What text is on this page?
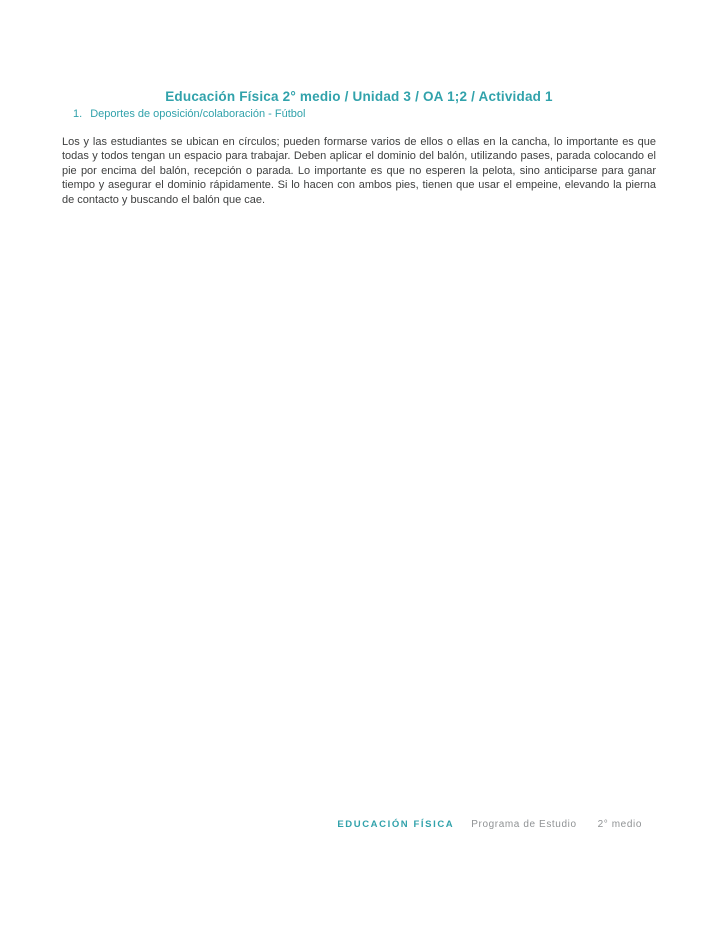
Educación Física 2° medio / Unidad 3 / OA 1;2 / Actividad 1
1. Deportes de oposición/colaboración - Fútbol

Los y las estudiantes se ubican en círculos; pueden formarse varios de ellos o ellas en la cancha, lo importante es que todas y todos tengan un espacio para trabajar. Deben aplicar el dominio del balón, utilizando pases, parada colocando el pie por encima del balón, recepción o parada. Lo importante es que no esperen la pelota, sino anticiparse para ganar tiempo y asegurar el dominio rápidamente. Si lo hacen con ambos pies, tienen que usar el empeine, elevando la pierna de contacto y buscando el balón que cae.

EDUCACIÓN FÍSICA Programa de Estudio 2° medio
